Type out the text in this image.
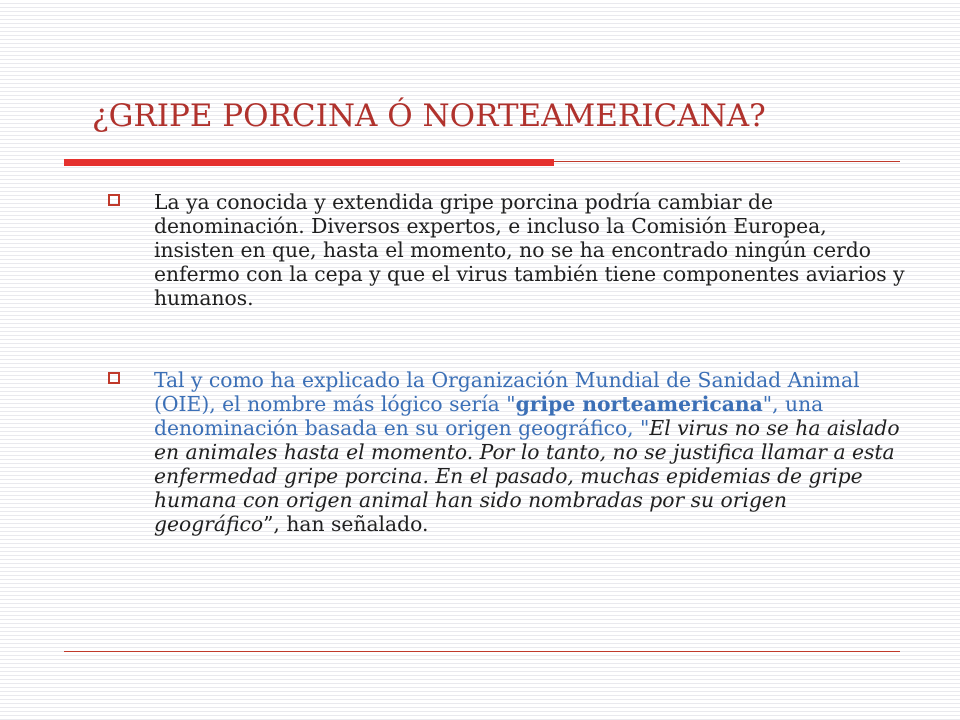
¿GRIPE PORCINA Ó NORTEAMERICANA?

La ya conocida y extendida gripe porcina podría cambiar de denominación. Diversos expertos, e incluso la Comisión Europea, insisten en que, hasta el momento, no se ha encontrado ningún cerdo enfermo con la cepa y que el virus también tiene componentes aviarios y humanos.

Tal y como ha explicado la Organización Mundial de Sanidad Animal (OIE), el nombre más lógico sería "gripe norteamericana", una denominación basada en su origen geográfico, "El virus no se ha aislado en animales hasta el momento. Por lo tanto, no se justifica llamar a esta enfermedad gripe porcina. En el pasado, muchas epidemias de gripe humana con origen animal han sido nombradas por su origen geográfico”, han señalado.
